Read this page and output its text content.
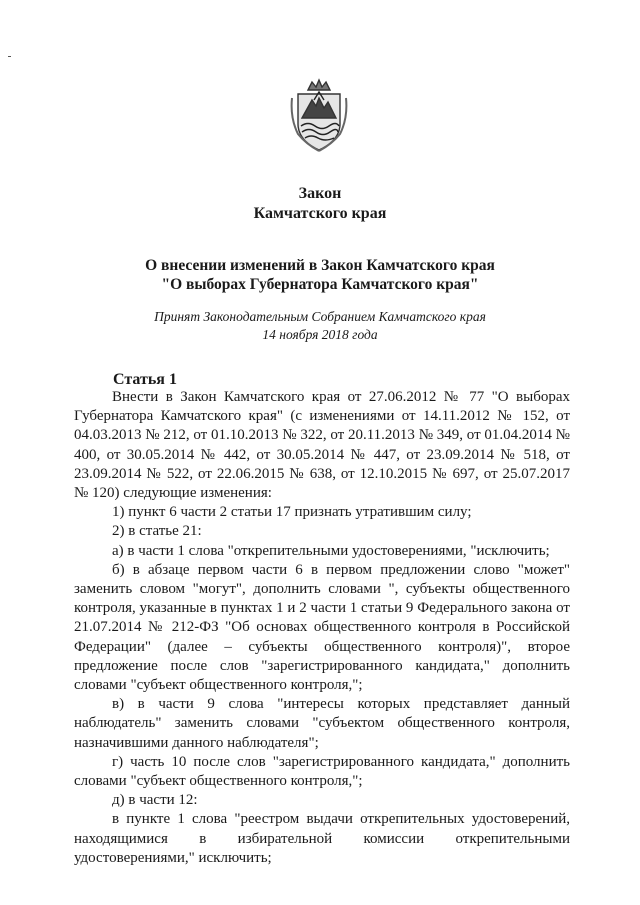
Закон
Камчатского края
О внесении изменений в Закон Камчатского края
"О выборах Губернатора Камчатского края"
Принят Законодательным Собранием Камчатского края
14 ноября 2018 года
Статья 1

Внести в Закон Камчатского края от 27.06.2012 № 77 "О выборах Губернатора Камчатского края" (с изменениями от 14.11.2012 № 152, от 04.03.2013 № 212, от 01.10.2013 № 322, от 20.11.2013 № 349, от 01.04.2014 № 400, от 30.05.2014 № 442, от 30.05.2014 № 447, от 23.09.2014 № 518, от 23.09.2014 № 522, от 22.06.2015 № 638, от 12.10.2015 № 697, от 25.07.2017 № 120) следующие изменения:

1) пункт 6 части 2 статьи 17 признать утратившим силу;

2) в статье 21:

а) в части 1 слова "открепительными удостоверениями, "исключить;

б) в абзаце первом части 6 в первом предложении слово "может" заменить словом "могут", дополнить словами ", субъекты общественного контроля, указанные в пунктах 1 и 2 части 1 статьи 9 Федерального закона от 21.07.2014 № 212-ФЗ "Об основах общественного контроля в Российской Федерации" (далее – субъекты общественного контроля)", второе предложение после слов "зарегистрированного кандидата," дополнить словами "субъект общественного контроля,";

в) в части 9 слова "интересы которых представляет данный наблюдатель" заменить словами "субъектом общественного контроля, назначившими данного наблюдателя";

г) часть 10 после слов "зарегистрированного кандидата," дополнить словами "субъект общественного контроля,";

д) в части 12:

в пункте 1 слова "реестром выдачи открепительных удостоверений, находящимися в избирательной комиссии открепительными удостоверениями," исключить;
